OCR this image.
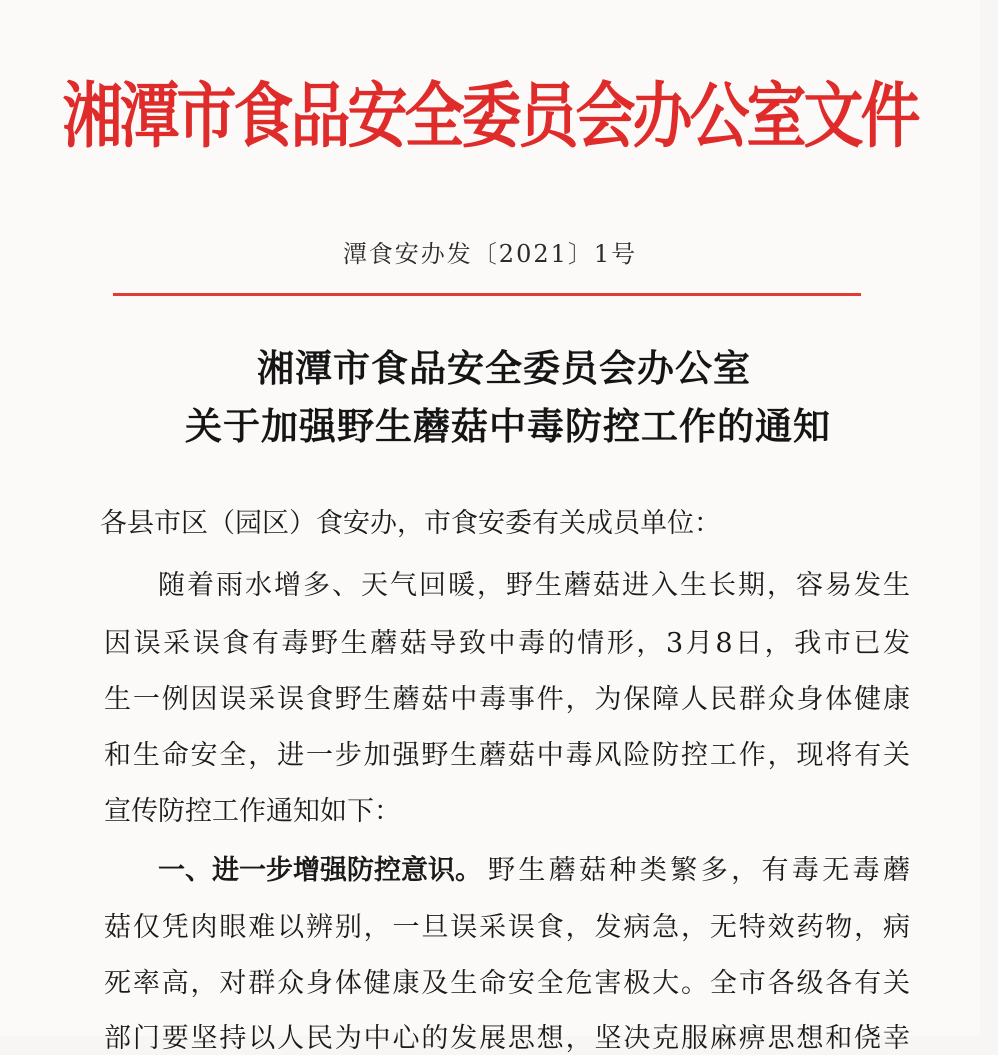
湘潭市食品安全委员会办公室文件
潭食安办发〔2021〕1号
湘潭市食品安全委员会办公室
关于加强野生蘑菇中毒防控工作的通知
各县市区（园区）食安办，市食安委有关成员单位：
随着雨水增多、天气回暖，野生蘑菇进入生长期，容易发生
因误采误食有毒野生蘑菇导致中毒的情形，3月8日，我市已发
生一例因误采误食野生蘑菇中毒事件，为保障人民群众身体健康
和生命安全，进一步加强野生蘑菇中毒风险防控工作，现将有关
宣传防控工作通知如下：
一、进一步增强防控意识。 野生蘑菇种类繁多，有毒无毒蘑
菇仅凭肉眼难以辨别，一旦误采误食，发病急，无特效药物，病
死率高，对群众身体健康及生命安全危害极大。全市各级各有关
部门要坚持以人民为中心的发展思想，坚决克服麻痹思想和侥幸
